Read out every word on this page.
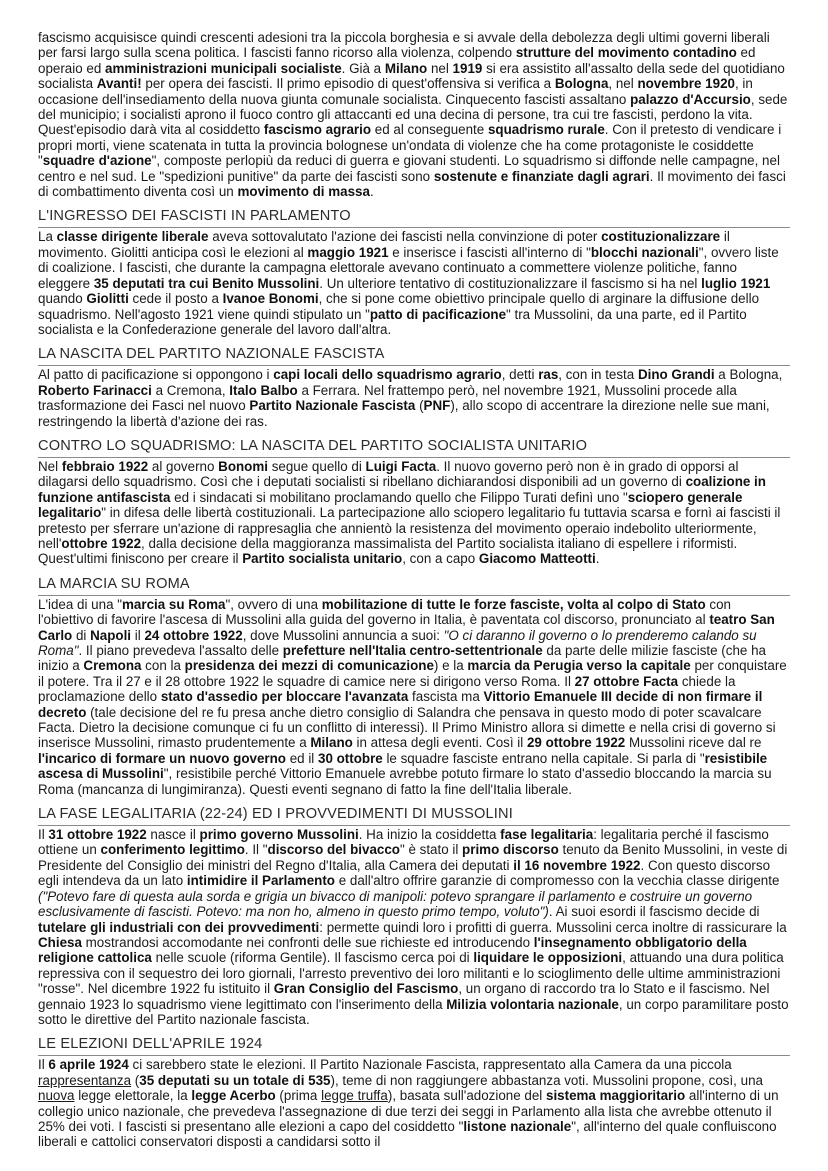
fascismo acquisisce quindi crescenti adesioni tra la piccola borghesia e si avvale della debolezza degli ultimi governi liberali per farsi largo sulla scena politica. I fascisti fanno ricorso alla violenza, colpendo strutture del movimento contadino ed operaio ed amministrazioni municipali socialiste. Già a Milano nel 1919 si era assistito all'assalto della sede del quotidiano socialista Avanti! per opera dei fascisti. Il primo episodio di quest'offensiva si verifica a Bologna, nel novembre 1920, in occasione dell'insediamento della nuova giunta comunale socialista. Cinquecento fascisti assaltano palazzo d'Accursio, sede del municipio; i socialisti aprono il fuoco contro gli attaccanti ed una decina di persone, tra cui tre fascisti, perdono la vita. Quest'episodio darà vita al cosiddetto fascismo agrario ed al conseguente squadrismo rurale. Con il pretesto di vendicare i propri morti, viene scatenata in tutta la provincia bolognese un'ondata di violenze che ha come protagoniste le cosiddette "squadre d'azione", composte perlopiù da reduci di guerra e giovani studenti. Lo squadrismo si diffonde nelle campagne, nel centro e nel sud. Le "spedizioni punitive" da parte dei fascisti sono sostenute e finanziate dagli agrari. Il movimento dei fasci di combattimento diventa così un movimento di massa.

L'INGRESSO DEI FASCISTI IN PARLAMENTO

La classe dirigente liberale aveva sottovalutato l'azione dei fascisti nella convinzione di poter costituzionalizzare il movimento. Giolitti anticipa così le elezioni al maggio 1921 e inserisce i fascisti all'interno di "blocchi nazionali", ovvero liste di coalizione. I fascisti, che durante la campagna elettorale avevano continuato a commettere violenze politiche, fanno eleggere 35 deputati tra cui Benito Mussolini. Un ulteriore tentativo di costituzionalizzare il fascismo si ha nel luglio 1921 quando Giolitti cede il posto a Ivanoe Bonomi, che si pone come obiettivo principale quello di arginare la diffusione dello squadrismo. Nell'agosto 1921 viene quindi stipulato un "patto di pacificazione" tra Mussolini, da una parte, ed il Partito socialista e la Confederazione generale del lavoro dall'altra.

LA NASCITA DEL PARTITO NAZIONALE FASCISTA

Al patto di pacificazione si oppongono i capi locali dello squadrismo agrario, detti ras, con in testa Dino Grandi a Bologna, Roberto Farinacci a Cremona, Italo Balbo a Ferrara. Nel frattempo però, nel novembre 1921, Mussolini procede alla trasformazione dei Fasci nel nuovo Partito Nazionale Fascista (PNF), allo scopo di accentrare la direzione nelle sue mani, restringendo la libertà d'azione dei ras.

CONTRO LO SQUADRISMO: LA NASCITA DEL PARTITO SOCIALISTA UNITARIO

Nel febbraio 1922 al governo Bonomi segue quello di Luigi Facta. Il nuovo governo però non è in grado di opporsi al dilagarsi dello squadrismo. Così che i deputati socialisti si ribellano dichiarandosi disponibili ad un governo di coalizione in funzione antifascista ed i sindacati si mobilitano proclamando quello che Filippo Turati definì uno "sciopero generale legalitario" in difesa delle libertà costituzionali. La partecipazione allo sciopero legalitario fu tuttavia scarsa e fornì ai fascisti il pretesto per sferrare un'azione di rappresaglia che annientò la resistenza del movimento operaio indebolito ulteriormente, nell'ottobre 1922, dalla decisione della maggioranza massimalista del Partito socialista italiano di espellere i riformisti. Quest'ultimi finiscono per creare il Partito socialista unitario, con a capo Giacomo Matteotti.

LA MARCIA SU ROMA

L'idea di una "marcia su Roma", ovvero di una mobilitazione di tutte le forze fasciste, volta al colpo di Stato con l'obiettivo di favorire l'ascesa di Mussolini alla guida del governo in Italia, è paventata col discorso, pronunciato al teatro San Carlo di Napoli il 24 ottobre 1922, dove Mussolini annuncia a suoi: "O ci daranno il governo o lo prenderemo calando su Roma". Il piano prevedeva l'assalto delle prefetture nell'Italia centro-settentrionale da parte delle milizie fasciste (che ha inizio a Cremona con la presidenza dei mezzi di comunicazione) e la marcia da Perugia verso la capitale per conquistare il potere. Tra il 27 e il 28 ottobre 1922 le squadre di camice nere si dirigono verso Roma. Il 27 ottobre Facta chiede la proclamazione dello stato d'assedio per bloccare l'avanzata fascista ma Vittorio Emanuele III decide di non firmare il decreto (tale decisione del re fu presa anche dietro consiglio di Salandra che pensava in questo modo di poter scavalcare Facta. Dietro la decisione comunque ci fu un conflitto di interessi). Il Primo Ministro allora si dimette e nella crisi di governo si inserisce Mussolini, rimasto prudentemente a Milano in attesa degli eventi. Così il 29 ottobre 1922 Mussolini riceve dal re l'incarico di formare un nuovo governo ed il 30 ottobre le squadre fasciste entrano nella capitale. Si parla di "resistibile ascesa di Mussolini", resistibile perché Vittorio Emanuele avrebbe potuto firmare lo stato d'assedio bloccando la marcia su Roma (mancanza di lungimiranza). Questi eventi segnano di fatto la fine dell'Italia liberale.

LA FASE LEGALITARIA (22-24) ED I PROVVEDIMENTI DI MUSSOLINI

Il 31 ottobre 1922 nasce il primo governo Mussolini. Ha inizio la cosiddetta fase legalitaria: legalitaria perché il fascismo ottiene un conferimento legittimo. Il "discorso del bivacco" è stato il primo discorso tenuto da Benito Mussolini, in veste di Presidente del Consiglio dei ministri del Regno d'Italia, alla Camera dei deputati il 16 novembre 1922. Con questo discorso egli intendeva da un lato intimidire il Parlamento e dall'altro offrire garanzie di compromesso con la vecchia classe dirigente ("Potevo fare di questa aula sorda e grigia un bivacco di manipoli: potevo sprangare il parlamento e costruire un governo esclusivamente di fascisti. Potevo: ma non ho, almeno in questo primo tempo, voluto"). Ai suoi esordi il fascismo decide di tutelare gli industriali con dei provvedimenti: permette quindi loro i profitti di guerra. Mussolini cerca inoltre di rassicurare la Chiesa mostrandosi accomodante nei confronti delle sue richieste ed introducendo l'insegnamento obbligatorio della religione cattolica nelle scuole (riforma Gentile). Il fascismo cerca poi di liquidare le opposizioni, attuando una dura politica repressiva con il sequestro dei loro giornali, l'arresto preventivo dei loro militanti e lo scioglimento delle ultime amministrazioni "rosse". Nel dicembre 1922 fu istituito il Gran Consiglio del Fascismo, un organo di raccordo tra lo Stato e il fascismo. Nel gennaio 1923 lo squadrismo viene legittimato con l'inserimento della Milizia volontaria nazionale, un corpo paramilitare posto sotto le direttive del Partito nazionale fascista.

LE ELEZIONI DELL'APRILE 1924

Il 6 aprile 1924 ci sarebbero state le elezioni. Il Partito Nazionale Fascista, rappresentato alla Camera da una piccola rappresentanza (35 deputati su un totale di 535), teme di non raggiungere abbastanza voti. Mussolini propone, così, una nuova legge elettorale, la legge Acerbo (prima legge truffa), basata sull'adozione del sistema maggioritario all'interno di un collegio unico nazionale, che prevedeva l'assegnazione di due terzi dei seggi in Parlamento alla lista che avrebbe ottenuto il 25% dei voti. I fascisti si presentano alle elezioni a capo del cosiddetto "listone nazionale", all'interno del quale confluiscono liberali e cattolici conservatori disposti a candidarsi sotto il
